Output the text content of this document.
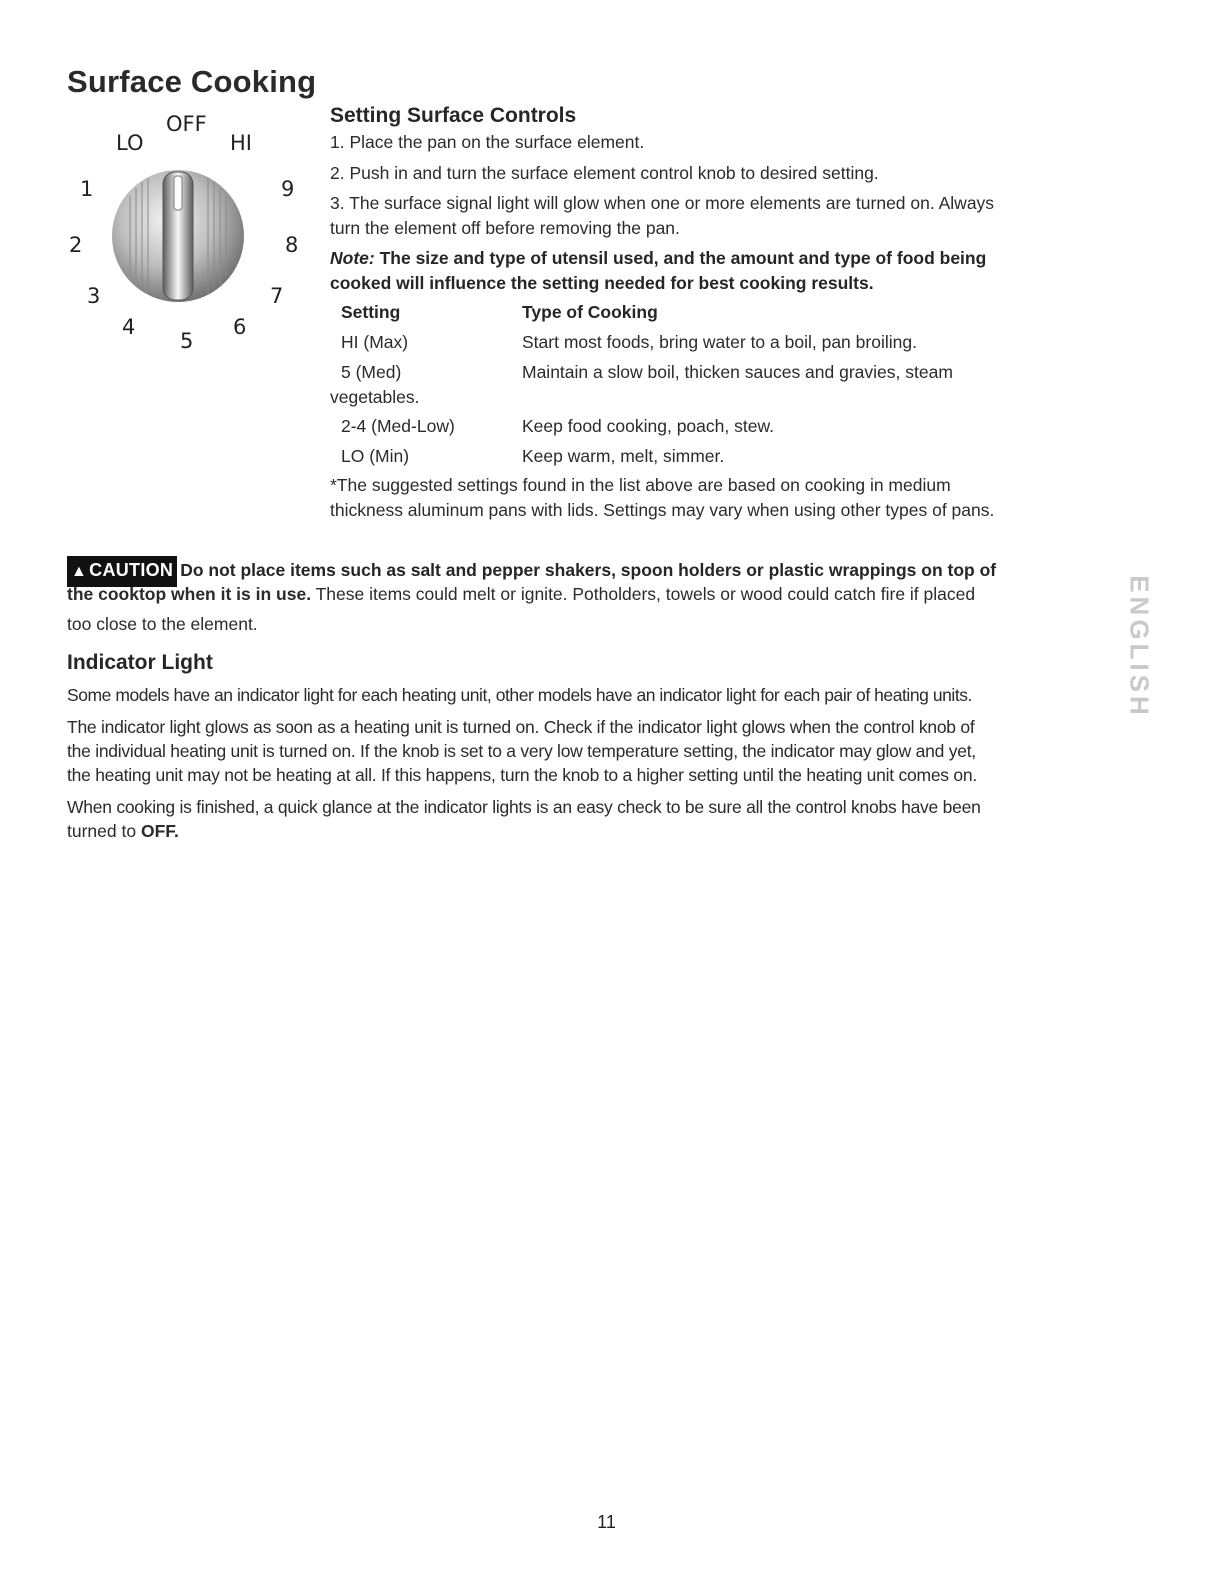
Surface Cooking
OFF
LO	HI
1
2
3
4
5
6
7
8
9
Setting Surface Controls
1. Place the pan on the surface element.
2. Push in and turn the surface element control knob to desired setting.
3. The surface signal light will glow when one or more elements are turned on. Always
turn the element off before removing the pan.
Note: The size and type of utensil used, and the amount and type of food being
cooked will influence the setting needed for best cooking results.
Setting	Type of Cooking
HI (Max)	Start most foods, bring water to a boil, pan broiling.
5 (Med)	Maintain a slow boil, thicken sauces and gravies, steam
vegetables.
2-4 (Med-Low)	Keep food cooking, poach, stew.
LO (Min)	Keep warm, melt, simmer.
*The suggested settings found in the list above are based on cooking in medium
thickness aluminum pans with lids. Settings may vary when using other types of pans.
▲ CAUTION Do not place items such as salt and pepper shakers, spoon holders or plastic wrappings on top of
the cooktop when it is in use. These items could melt or ignite. Potholders, towels or wood could catch fire if placed
too close to the element.
Indicator Light
Some models have an indicator light for each heating unit, other models have an indicator light for each pair of heating units.
The indicator light glows as soon as a heating unit is turned on. Check if the indicator light glows when the control knob of
the individual heating unit is turned on. If the knob is set to a very low temperature setting, the indicator may glow and yet,
the heating unit may not be heating at all. If this happens, turn the knob to a higher setting until the heating unit comes on.
When cooking is finished, a quick glance at the indicator lights is an easy check to be sure all the control knobs have been
turned to OFF.
ENGLISH
11
